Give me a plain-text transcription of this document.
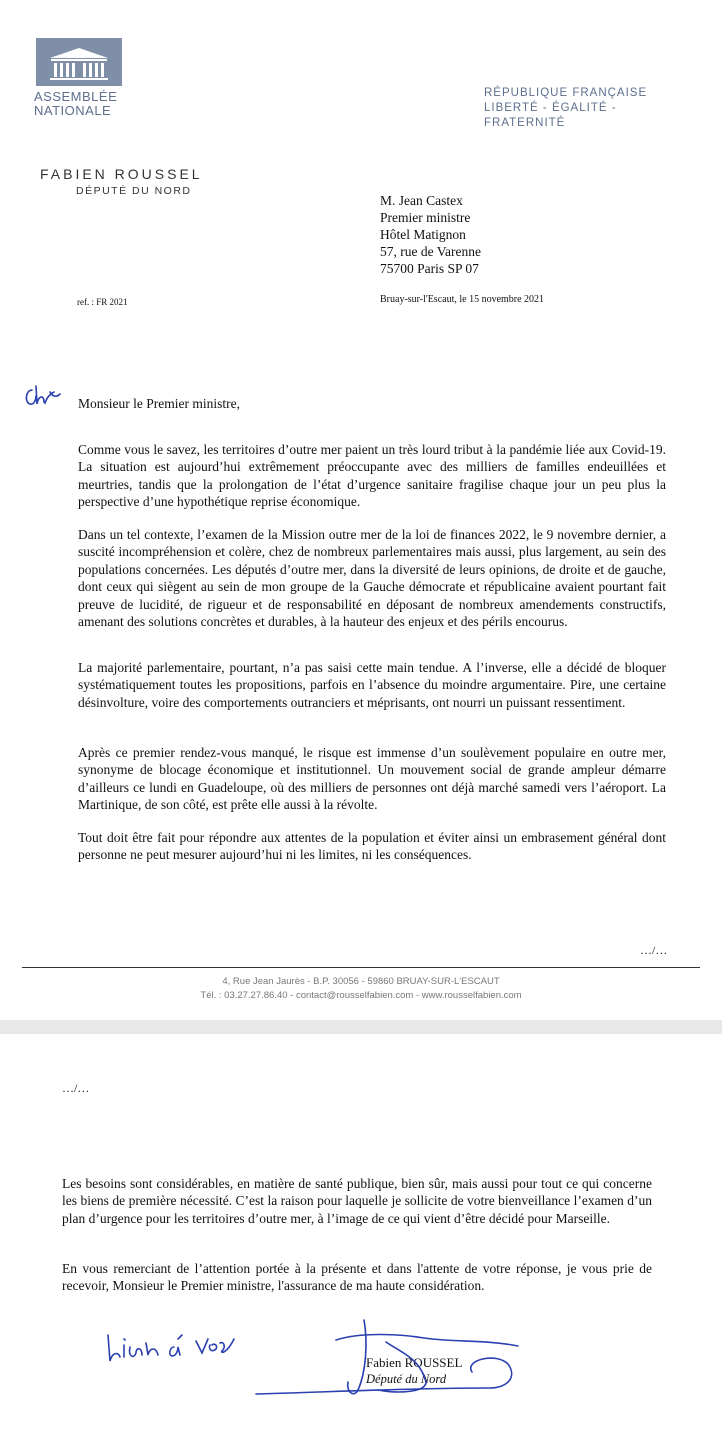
ASSEMBLÉE
NATIONALE
RÉPUBLIQUE FRANÇAISE
LIBERTÉ - ÉGALITÉ - FRATERNITÉ
FABIEN ROUSSEL
DÉPUTÉ DU NORD
M. Jean Castex
Premier ministre
Hôtel Matignon
57, rue de Varenne
75700 Paris SP 07
ref. : FR 2021	Bruay-sur-l'Escaut, le 15 novembre 2021
Monsieur le Premier ministre,
Comme vous le savez, les territoires d’outre mer paient un très lourd tribut à la pandémie liée aux Covid-19. La situation est aujourd’hui extrêmement préoccupante avec des milliers de familles endeuillées et meurtries, tandis que la prolongation de l’état d’urgence sanitaire fragilise chaque jour un peu plus la perspective d’une hypothétique reprise économique.
Dans un tel contexte, l’examen de la Mission outre mer de la loi de finances 2022, le 9 novembre dernier, a suscité incompréhension et colère, chez de nombreux parlementaires mais aussi, plus largement, au sein des populations concernées. Les députés d’outre mer, dans la diversité de leurs opinions, de droite et de gauche, dont ceux qui siègent au sein de mon groupe de la Gauche démocrate et républicaine avaient pourtant fait preuve de lucidité, de rigueur et de responsabilité en déposant de nombreux amendements constructifs, amenant des solutions concrètes et durables, à la hauteur des enjeux et des périls encourus.
La majorité parlementaire, pourtant, n’a pas saisi cette main tendue. A l’inverse, elle a décidé de bloquer systématiquement toutes les propositions, parfois en l’absence du moindre argumentaire. Pire, une certaine désinvolture, voire des comportements outranciers et méprisants, ont nourri un puissant ressentiment.
Après ce premier rendez-vous manqué, le risque est immense d’un soulèvement populaire en outre mer, synonyme de blocage économique et institutionnel. Un mouvement social de grande ampleur démarre d’ailleurs ce lundi en Guadeloupe, où des milliers de personnes ont déjà marché samedi vers l’aéroport. La Martinique, de son côté, est prête elle aussi à la révolte.
Tout doit être fait pour répondre aux attentes de la population et éviter ainsi un embrasement général dont personne ne peut mesurer aujourd’hui ni les limites, ni les conséquences.
…/…
4, Rue Jean Jaurès - B.P. 30056 - 59860 BRUAY-SUR-L'ESCAUT
Tél. : 03.27.27.86.40 - contact@rousselfabien.com - www.rousselfabien.com
…/…
Les besoins sont considérables, en matière de santé publique, bien sûr, mais aussi pour tout ce qui concerne les biens de première nécessité. C’est la raison pour laquelle je sollicite de votre bienveillance l’examen d’un plan d’urgence pour les territoires d’outre mer, à l’image de ce qui vient d’être décidé pour Marseille.
En vous remerciant de l’attention portée à la présente et dans l'attente de votre réponse, je vous prie de recevoir, Monsieur le Premier ministre, l'assurance de ma haute considération.
Fabien ROUSSEL
Député du Nord
